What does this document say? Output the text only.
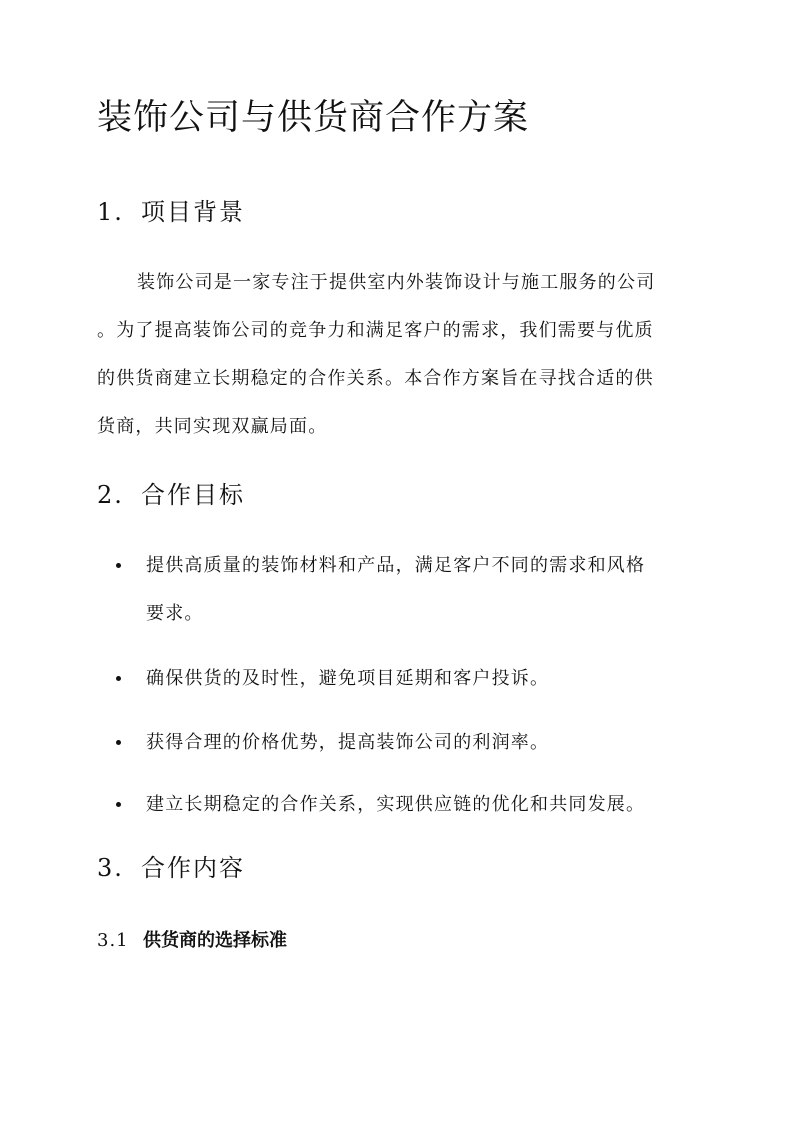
装饰公司与供货商合作方案
1. 项目背景
装饰公司是一家专注于提供室内外装饰设计与施工服务的公司
。为了提高装饰公司的竞争力和满足客户的需求，我们需要与优质
的供货商建立长期稳定的合作关系。本合作方案旨在寻找合适的供
货商，共同实现双赢局面。
2. 合作目标
提供高质量的装饰材料和产品，满足客户不同的需求和风格
要求。
确保供货的及时性，避免项目延期和客户投诉。
获得合理的价格优势，提高装饰公司的利润率。
建立长期稳定的合作关系，实现供应链的优化和共同发展。
3. 合作内容
3.1 供货商的选择标准
